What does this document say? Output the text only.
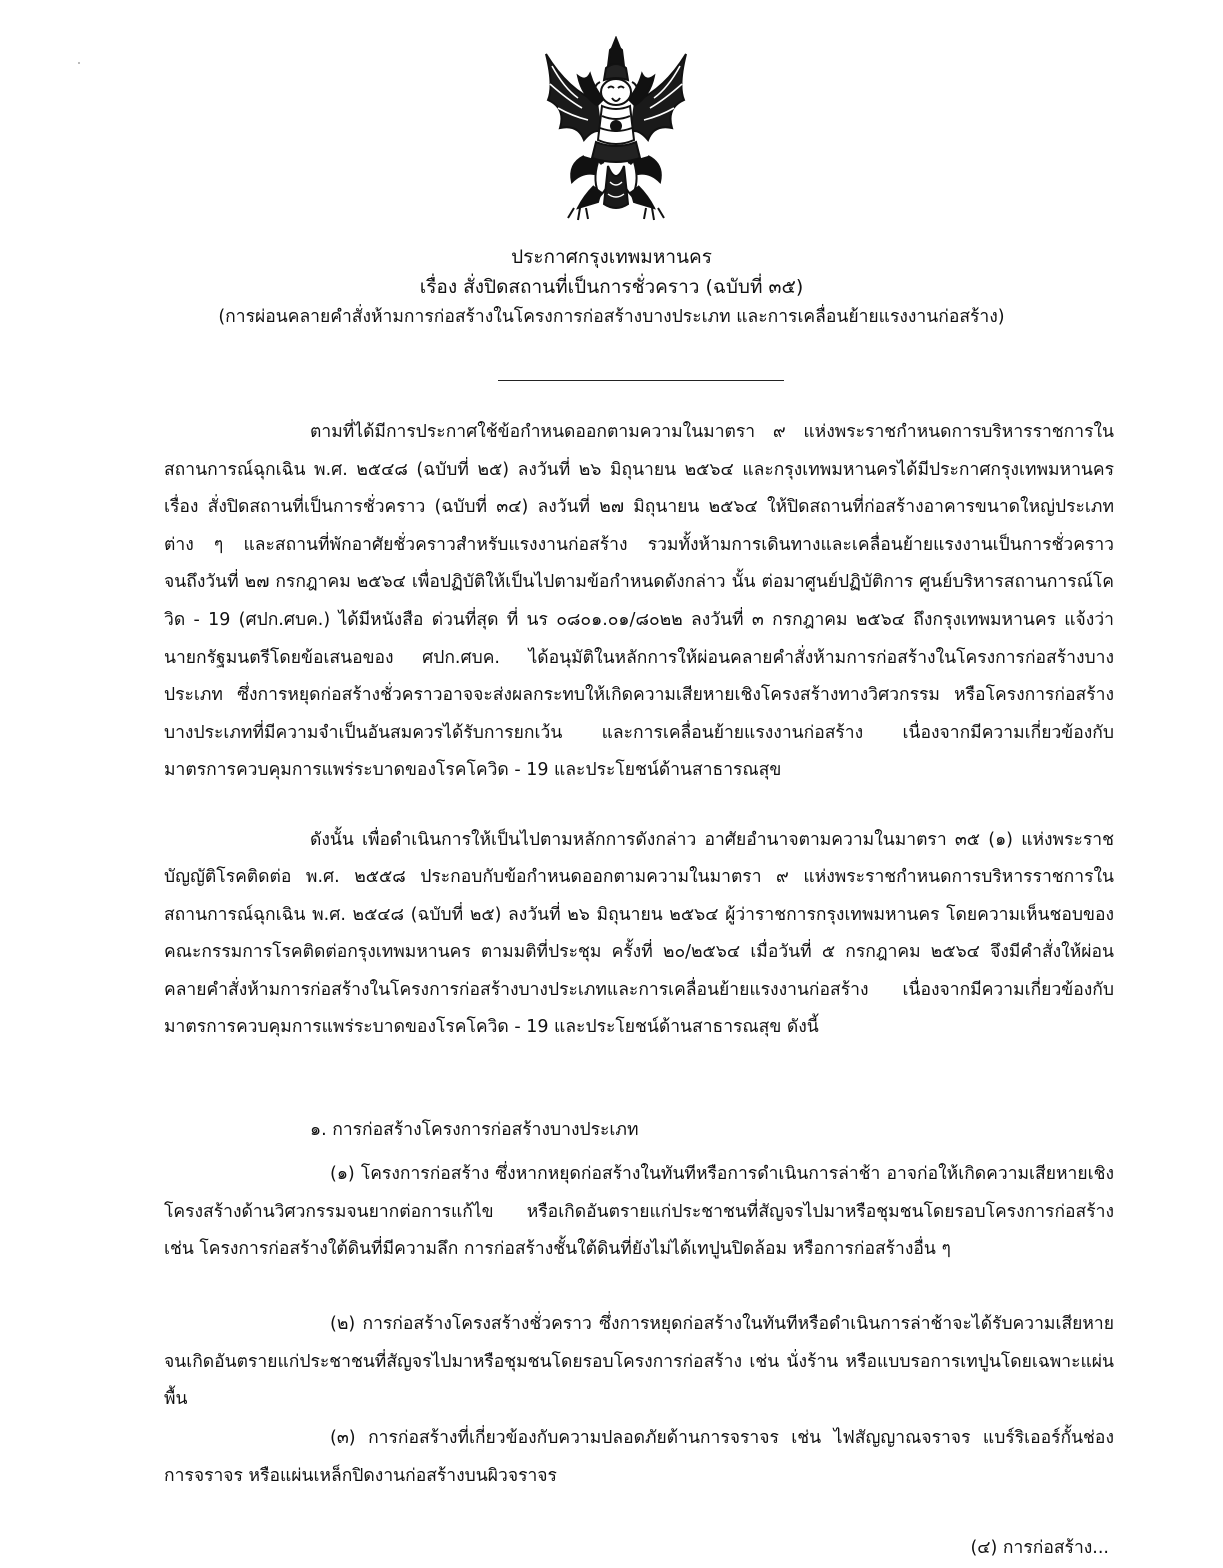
ประกาศกรุงเทพมหานคร
เรื่อง สั่งปิดสถานที่เป็นการชั่วคราว (ฉบับที่ ๓๕)
(การผ่อนคลายคำสั่งห้ามการก่อสร้างในโครงการก่อสร้างบางประเภท และการเคลื่อนย้ายแรงงานก่อสร้าง)

ตามที่ได้มีการประกาศใช้ข้อกำหนดออกตามความในมาตรา ๙ แห่งพระราชกำหนดการบริหารราชการในสถานการณ์ฉุกเฉิน พ.ศ. ๒๕๔๘ (ฉบับที่ ๒๕) ลงวันที่ ๒๖ มิถุนายน ๒๕๖๔ และกรุงเทพมหานครได้มีประกาศกรุงเทพมหานคร เรื่อง สั่งปิดสถานที่เป็นการชั่วคราว (ฉบับที่ ๓๔) ลงวันที่ ๒๗ มิถุนายน ๒๕๖๔ ให้ปิดสถานที่ก่อสร้างอาคารขนาดใหญ่ประเภทต่าง ๆ และสถานที่พักอาศัยชั่วคราวสำหรับแรงงานก่อสร้าง รวมทั้งห้ามการเดินทางและเคลื่อนย้ายแรงงานเป็นการชั่วคราว จนถึงวันที่ ๒๗ กรกฎาคม ๒๕๖๔ เพื่อปฏิบัติให้เป็นไปตามข้อกำหนดดังกล่าว นั้น ต่อมาศูนย์ปฏิบัติการ ศูนย์บริหารสถานการณ์โควิด - 19 (ศปก.ศบค.) ได้มีหนังสือ ด่วนที่สุด ที่ นร ๐๘๐๑.๐๑/๘๐๒๒ ลงวันที่ ๓ กรกฎาคม ๒๕๖๔ ถึงกรุงเทพมหานคร แจ้งว่า นายกรัฐมนตรีโดยข้อเสนอของ ศปก.ศบค. ได้อนุมัติในหลักการให้ผ่อนคลายคำสั่งห้ามการก่อสร้างในโครงการก่อสร้างบางประเภท ซึ่งการหยุดก่อสร้างชั่วคราวอาจจะส่งผลกระทบให้เกิดความเสียหายเชิงโครงสร้างทางวิศวกรรม หรือโครงการก่อสร้างบางประเภทที่มีความจำเป็นอันสมควรได้รับการยกเว้น และการเคลื่อนย้ายแรงงานก่อสร้าง เนื่องจากมีความเกี่ยวข้องกับมาตรการควบคุมการแพร่ระบาดของโรคโควิด - 19 และประโยชน์ด้านสาธารณสุข

ดังนั้น เพื่อดำเนินการให้เป็นไปตามหลักการดังกล่าว อาศัยอำนาจตามความในมาตรา ๓๕ (๑) แห่งพระราชบัญญัติโรคติดต่อ พ.ศ. ๒๕๕๘ ประกอบกับข้อกำหนดออกตามความในมาตรา ๙ แห่งพระราชกำหนดการบริหารราชการในสถานการณ์ฉุกเฉิน พ.ศ. ๒๕๔๘ (ฉบับที่ ๒๕) ลงวันที่ ๒๖ มิถุนายน ๒๕๖๔ ผู้ว่าราชการกรุงเทพมหานคร โดยความเห็นชอบของคณะกรรมการโรคติดต่อกรุงเทพมหานคร ตามมติที่ประชุม ครั้งที่ ๒๐/๒๕๖๔ เมื่อวันที่ ๕ กรกฎาคม ๒๕๖๔ จึงมีคำสั่งให้ผ่อนคลายคำสั่งห้ามการก่อสร้างในโครงการก่อสร้างบางประเภทและการเคลื่อนย้ายแรงงานก่อสร้าง เนื่องจากมีความเกี่ยวข้องกับมาตรการควบคุมการแพร่ระบาดของโรคโควิด - 19 และประโยชน์ด้านสาธารณสุข ดังนี้

๑. การก่อสร้างโครงการก่อสร้างบางประเภท

(๑) โครงการก่อสร้าง ซึ่งหากหยุดก่อสร้างในทันทีหรือการดำเนินการล่าช้า อาจก่อให้เกิดความเสียหายเชิงโครงสร้างด้านวิศวกรรมจนยากต่อการแก้ไข หรือเกิดอันตรายแก่ประชาชนที่สัญจรไปมาหรือชุมชนโดยรอบโครงการก่อสร้าง เช่น โครงการก่อสร้างใต้ดินที่มีความลึก การก่อสร้างชั้นใต้ดินที่ยังไม่ได้เทปูนปิดล้อม หรือการก่อสร้างอื่น ๆ

(๒) การก่อสร้างโครงสร้างชั่วคราว ซึ่งการหยุดก่อสร้างในทันทีหรือดำเนินการล่าช้าจะได้รับความเสียหายจนเกิดอันตรายแก่ประชาชนที่สัญจรไปมาหรือชุมชนโดยรอบโครงการก่อสร้าง เช่น นั่งร้าน หรือแบบรอการเทปูนโดยเฉพาะแผ่นพื้น

(๓) การก่อสร้างที่เกี่ยวข้องกับความปลอดภัยด้านการจราจร เช่น ไฟสัญญาณจราจร แบร์ริเออร์กั้นช่องการจราจร หรือแผ่นเหล็กปิดงานก่อสร้างบนผิวจราจร

(๔) การก่อสร้าง...
